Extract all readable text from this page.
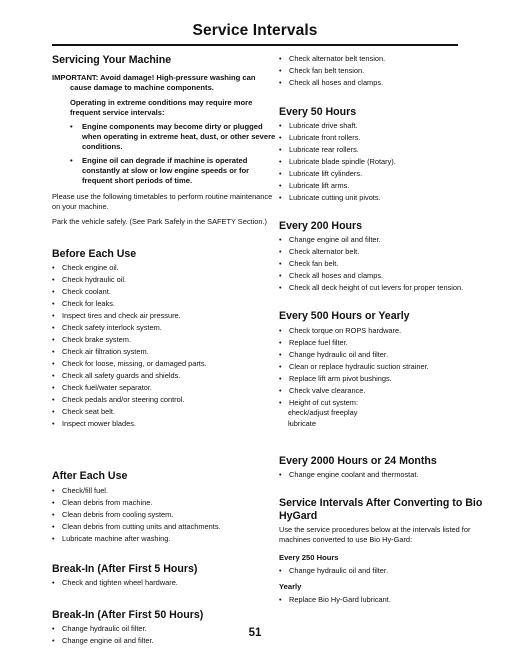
Service Intervals
Servicing Your Machine
IMPORTANT: Avoid damage! High-pressure washing can cause damage to machine components.
Operating in extreme conditions may require more frequent service intervals:
• Engine components may become dirty or plugged when operating in extreme heat, dust, or other severe conditions.
• Engine oil can degrade if machine is operated constantly at slow or low engine speeds or for frequent short periods of time.

Please use the following timetables to perform routine maintenance on your machine.

Park the vehicle safely. (See Park Safely in the SAFETY Section.)

Before Each Use
• Check engine oil.
• Check hydraulic oil.
• Check coolant.
• Check for leaks.
• Inspect tires and check air pressure.
• Check safety interlock system.
• Check brake system.
• Check air filtration system.
• Check for loose, missing, or damaged parts.
• Check all safety guards and shields.
• Check fuel/water separator.
• Check pedals and/or steering control.
• Check seat belt.
• Inspect mower blades.
After Each Use
• Check/fill fuel.
• Clean debris from machine.
• Clean debris from cooling system.
• Clean debris from cutting units and attachments.
• Lubricate machine after washing.
Break-In (After First 5 Hours)
• Check and tighten wheel hardware.
Break-In (After First 50 Hours)
• Change hydraulic oil filter.
• Change engine oil and filter.
• Check alternator belt tension.
• Check fan belt tension.
• Check all hoses and clamps.
Every 50 Hours
• Lubricate drive shaft.
• Lubricate front rollers.
• Lubricate rear rollers.
• Lubricate blade spindle (Rotary).
• Lubricate lift cylinders.
• Lubricate lift arms.
• Lubricate cutting unit pivots.
Every 200 Hours
• Change engine oil and filter.
• Check alternator belt.
• Check fan belt.
• Check all hoses and clamps.
• Check all deck height of cut levers for proper tension.
Every 500 Hours or Yearly
• Check torque on ROPS hardware.
• Replace fuel filter.
• Change hydraulic oil and filter.
• Clean or replace hydraulic suction strainer.
• Replace lift arm pivot bushings.
• Check valve clearance.
• Height of cut system:
- check/adjust freeplay
- lubricate
Every 2000 Hours or 24 Months
• Change engine coolant and thermostat.
Service Intervals After Converting to Bio HyGard

Use the service procedures below at the intervals listed for machines converted to use Bio Hy-Gard:

Every 250 Hours
• Change hydraulic oil and filter.
Yearly
• Replace Bio Hy-Gard lubricant.
51
